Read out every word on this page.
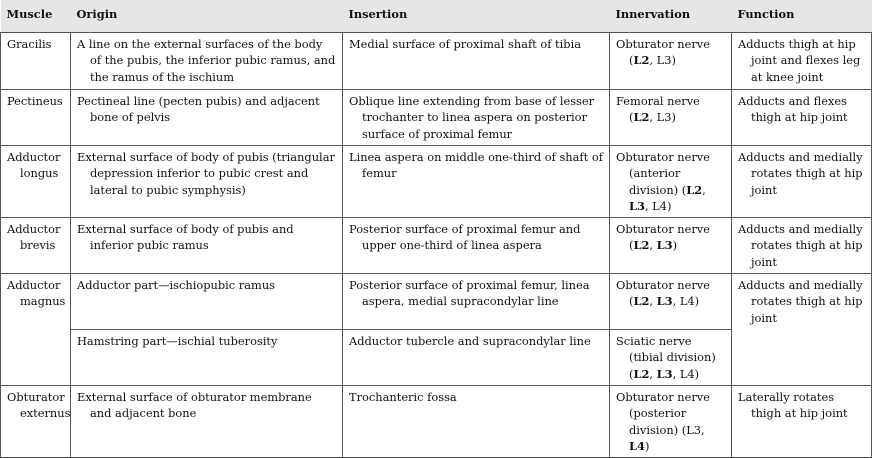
Muscle	Origin	Insertion	Innervation	Function

Gracilis	A line on the external surfaces of the body of the pubis, the inferior pubic ramus, and the ramus of the ischium	Medial surface of proximal shaft of tibia	Obturator nerve (L2, L3)	Adducts thigh at hip joint and flexes leg at knee joint

Pectineus	Pectineal line (pecten pubis) and adjacent bone of pelvis	Oblique line extending from base of lesser trochanter to linea aspera on posterior surface of proximal femur	Femoral nerve (L2, L3)	Adducts and flexes thigh at hip joint

Adductor longus	External surface of body of pubis (triangular depression inferior to pubic crest and lateral to pubic symphysis)	Linea aspera on middle one-third of shaft of femur	Obturator nerve (anterior division) (L2, L3, L4)	Adducts and medially rotates thigh at hip joint

Adductor brevis	External surface of body of pubis and inferior pubic ramus	Posterior surface of proximal femur and upper one-third of linea aspera	Obturator nerve (L2, L3)	Adducts and medially rotates thigh at hip joint

Adductor magnus	Adductor part—ischiopubic ramus	Posterior surface of proximal femur, linea aspera, medial supracondylar line	Obturator nerve (L2, L3, L4)	Adducts and medially rotates thigh at hip joint

	Hamstring part—ischial tuberosity	Adductor tubercle and supracondylar line	Sciatic nerve (tibial division) (L2, L3, L4)	

Obturator externus	External surface of obturator membrane and adjacent bone	Trochanteric fossa	Obturator nerve (posterior division) (L3, L4)	Laterally rotates thigh at hip joint
